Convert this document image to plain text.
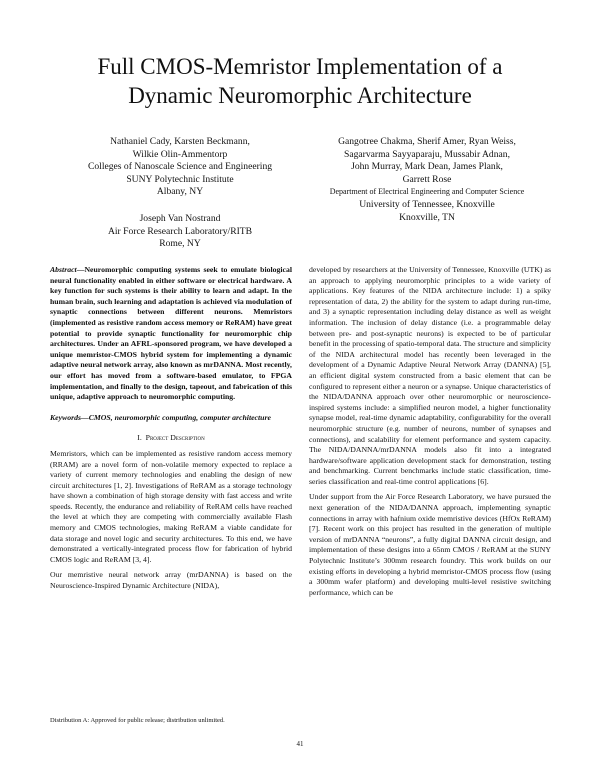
Full CMOS-Memristor Implementation of a
Dynamic Neuromorphic Architecture
Nathaniel Cady, Karsten Beckmann,
Wilkie Olin-Ammentorp
Colleges of Nanoscale Science and Engineering
SUNY Polytechnic Institute
Albany, NY
Joseph Van Nostrand
Air Force Research Laboratory/RITB
Rome, NY
Gangotree Chakma, Sherif Amer, Ryan Weiss,
Sagarvarma Sayyaparaju, Mussabir Adnan,
John Murray, Mark Dean, James Plank,
Garrett Rose
Department of Electrical Engineering and Computer Science
University of Tennessee, Knoxville
Knoxville, TN

Abstract—Neuromorphic computing systems seek to emulate biological neural functionality enabled in either software or electrical hardware. A key function for such systems is their ability to learn and adapt. In the human brain, such learning and adaptation is achieved via modulation of synaptic connections between different neurons. Memristors (implemented as resistive random access memory or ReRAM) have great potential to provide synaptic functionality for neuromorphic chip architectures. Under an AFRL-sponsored program, we have developed a unique memristor-CMOS hybrid system for implementing a dynamic adaptive neural network array, also known as mrDANNA. Most recently, our effort has moved from a software-based emulator, to FPGA implementation, and finally to the design, tapeout, and fabrication of this unique, adaptive approach to neuromorphic computing.

Keywords—CMOS, neuromorphic computing, computer architecture

I. Project Description

Memristors, which can be implemented as resistive random access memory (RRAM) are a novel form of non-volatile memory expected to replace a variety of current memory technologies and enabling the design of new circuit architectures [1, 2]. Investigations of ReRAM as a storage technology have shown a combination of high storage density with fast access and write speeds. Recently, the endurance and reliability of ReRAM cells have reached the level at which they are competing with commercially available Flash memory and CMOS technologies, making ReRAM a viable candidate for data storage and novel logic and security architectures. To this end, we have demonstrated a vertically-integrated process flow for fabrication of hybrid CMOS logic and ReRAM [3, 4].

Our memristive neural network array (mrDANNA) is based on the Neuroscience-Inspired Dynamic Architecture (NIDA),

developed by researchers at the University of Tennessee, Knoxville (UTK) as an approach to applying neuromorphic principles to a wide variety of applications. Key features of the NIDA architecture include: 1) a spiky representation of data, 2) the ability for the system to adapt during run-time, and 3) a synaptic representation including delay distance as well as weight information. The inclusion of delay distance (i.e. a programmable delay between pre- and post-synaptic neurons) is expected to be of particular benefit in the processing of spatio-temporal data. The structure and simplicity of the NIDA architectural model has recently been leveraged in the development of a Dynamic Adaptive Neural Network Array (DANNA) [5], an efficient digital system constructed from a basic element that can be configured to represent either a neuron or a synapse. Unique characteristics of the NIDA/DANNA approach over other neuromorphic or neuroscience-inspired systems include: a simplified neuron model, a higher functionality synapse model, real-time dynamic adaptability, configurability for the overall neuromorphic structure (e.g. number of neurons, number of synapses and connections), and scalability for element performance and system capacity. The NIDA/DANNA/mrDANNA models also fit into a integrated hardware/software application development stack for demonstration, testing and benchmarking. Current benchmarks include static classification, time-series classification and real-time control applications [6].

Under support from the Air Force Research Laboratory, we have pursued the next generation of the NIDA/DANNA approach, implementing synaptic connections in array with hafnium oxide memristive devices (HfOx ReRAM) [7]. Recent work on this project has resulted in the generation of multiple version of mrDANNA “neurons”, a fully digital DANNA circuit design, and implementation of these designs into a 65nm CMOS / ReRAM at the SUNY Polytechnic Institute’s 300mm research foundry. This work builds on our existing efforts in developing a hybrid memristor-CMOS process flow (using a 300mm wafer platform) and developing multi-level resistive switching performance, which can be

Distribution A: Approved for public release; distribution unlimited.
41
